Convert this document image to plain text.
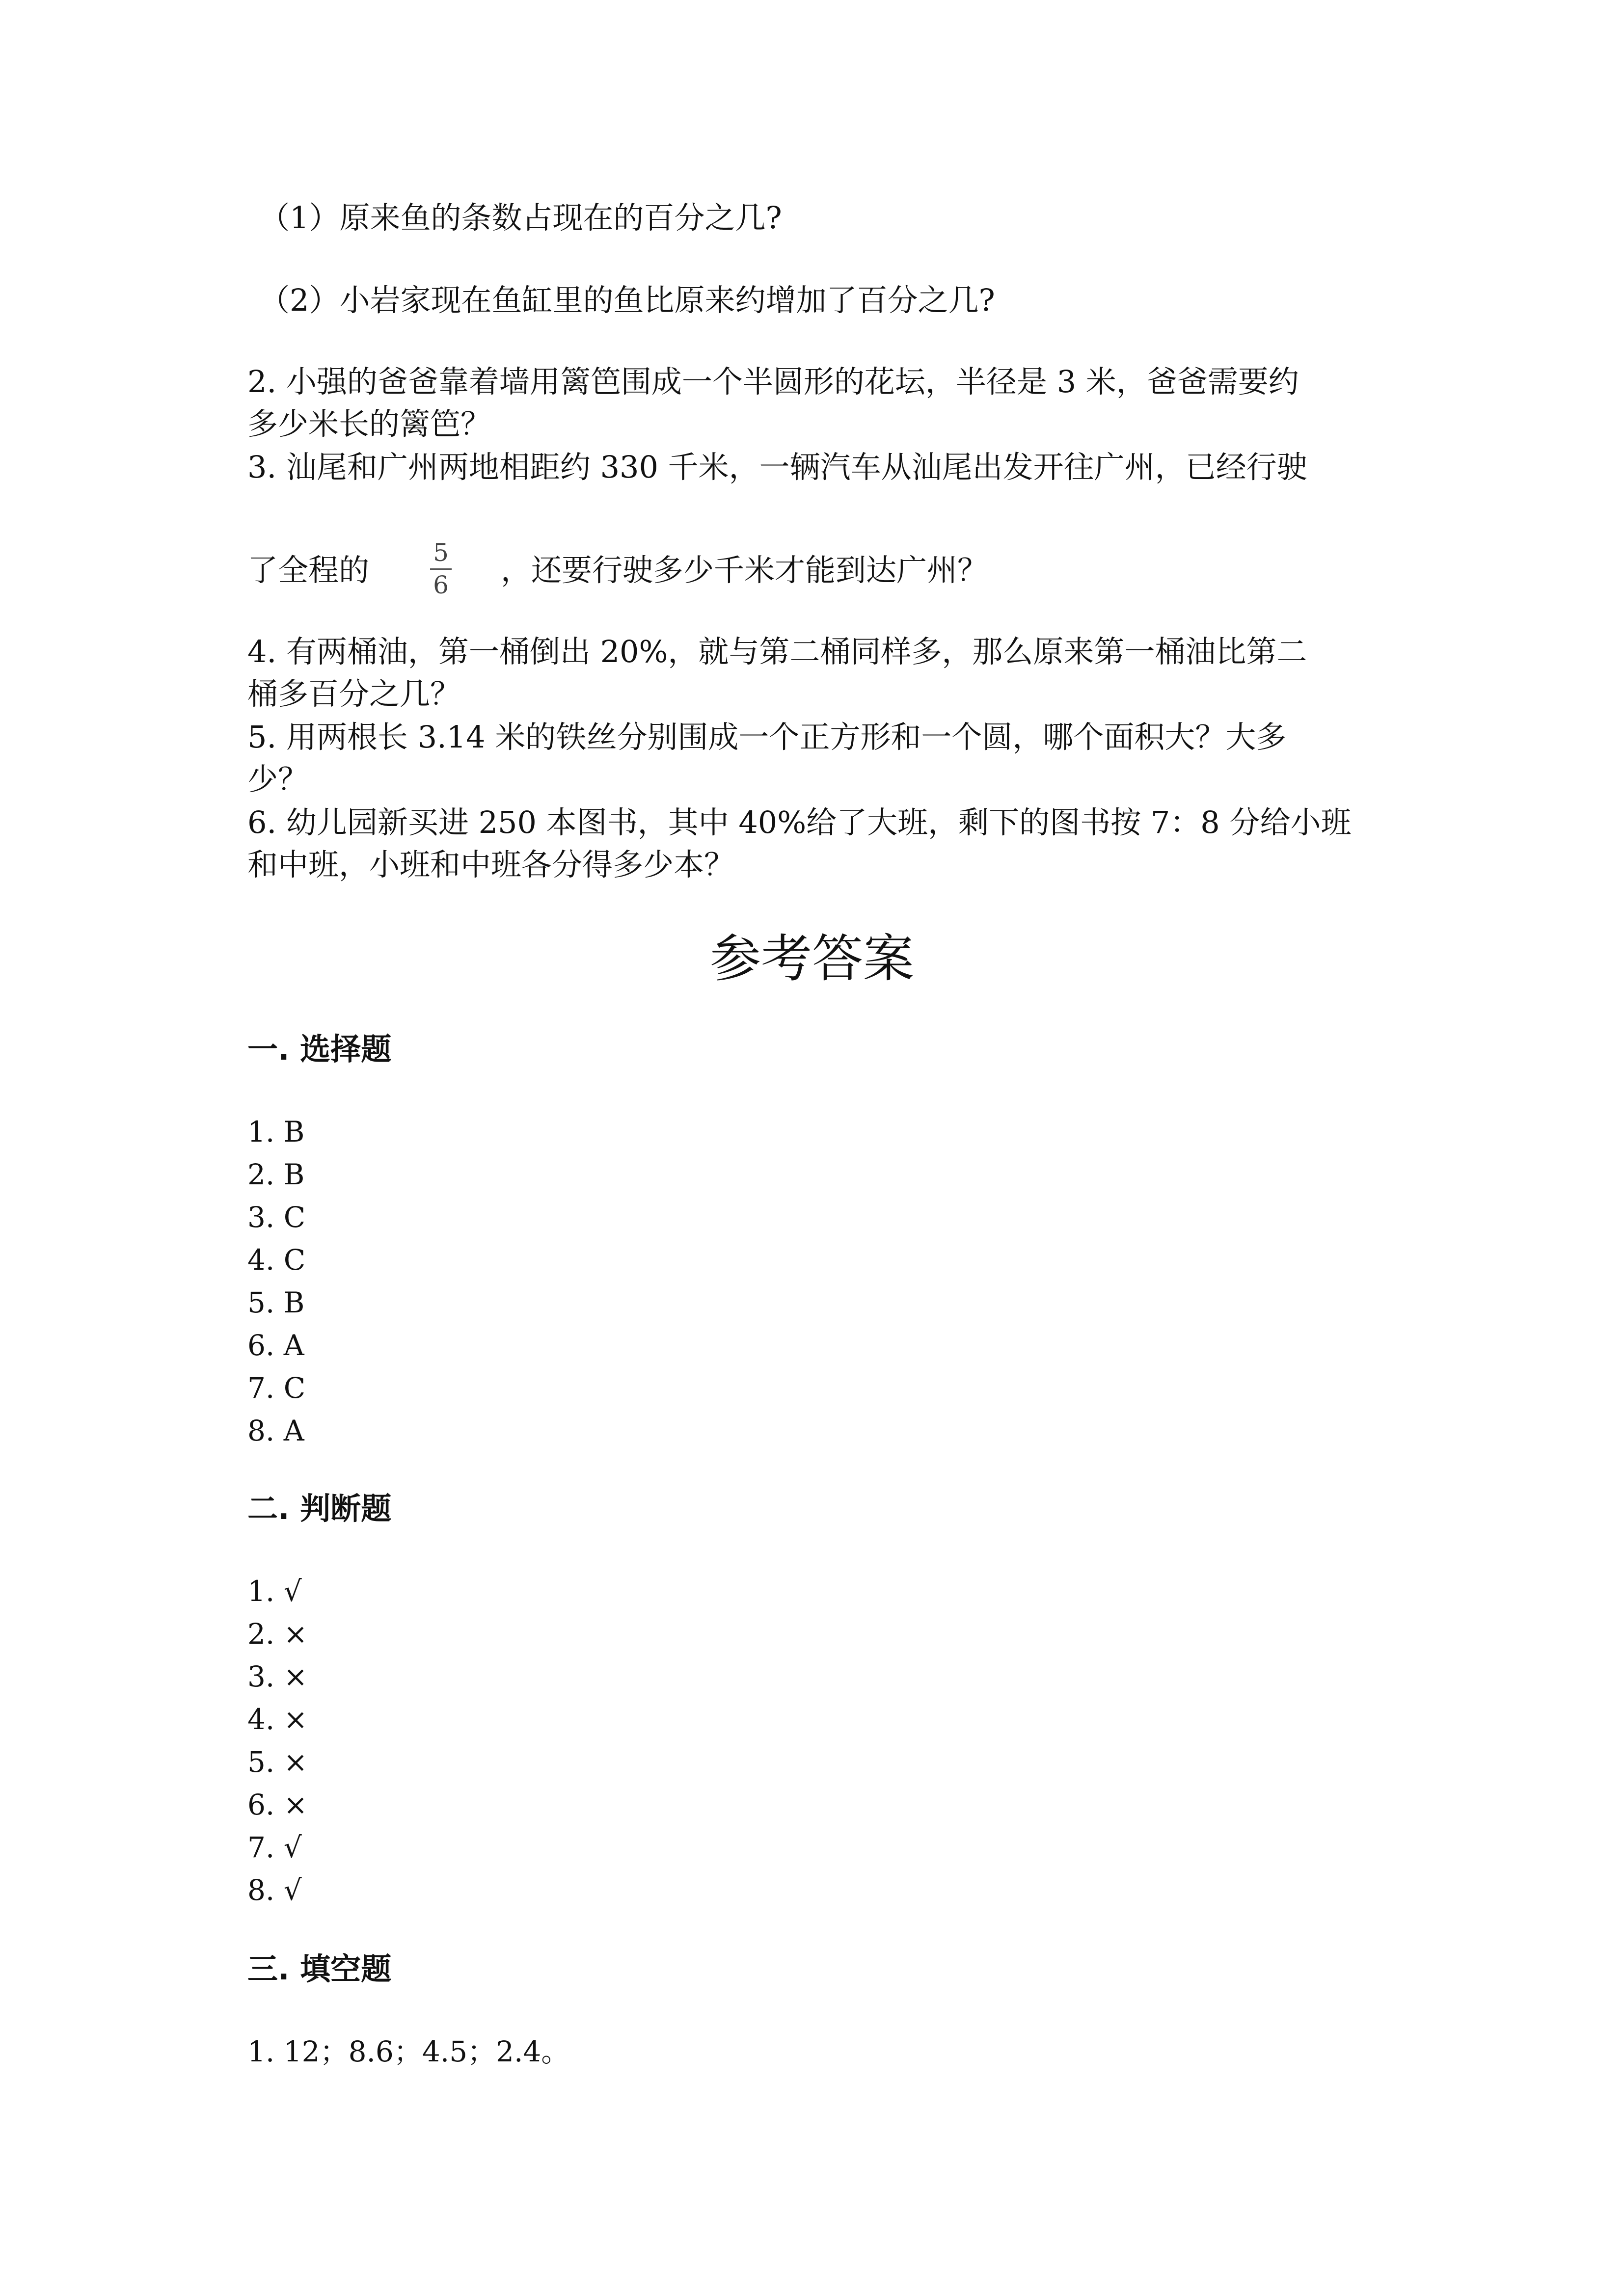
（1）原来鱼的条数占现在的百分之几?
（2）小岩家现在鱼缸里的鱼比原来约增加了百分之几?
2. 小强的爸爸靠着墙用篱笆围成一个半圆形的花坛，半径是 3 米，爸爸需要约
多少米长的篱笆？
3. 汕尾和广州两地相距约 330 千米，一辆汽车从汕尾出发开往广州，已经行驶
了全程的	5
6 ，还要行驶多少千米才能到达广州？
4. 有两桶油，第一桶倒出 20%，就与第二桶同样多，那么原来第一桶油比第二
桶多百分之几？
5. 用两根长 3.14 米的铁丝分别围成一个正方形和一个圆，哪个面积大？大多
少？
6. 幼儿园新买进 250 本图书，其中 40%给了大班，剩下的图书按 7：8 分给小班
和中班，小班和中班各分得多少本？
参考答案
一. 选择题
1. B
2. B
3. C
4. C
5. B
6. A
7. C
8. A
二. 判断题
1. √
2. ×
3. ×
4. ×
5. ×
6. ×
7. √
8. √
三. 填空题
1. 12；8.6；4.5；2.4。
